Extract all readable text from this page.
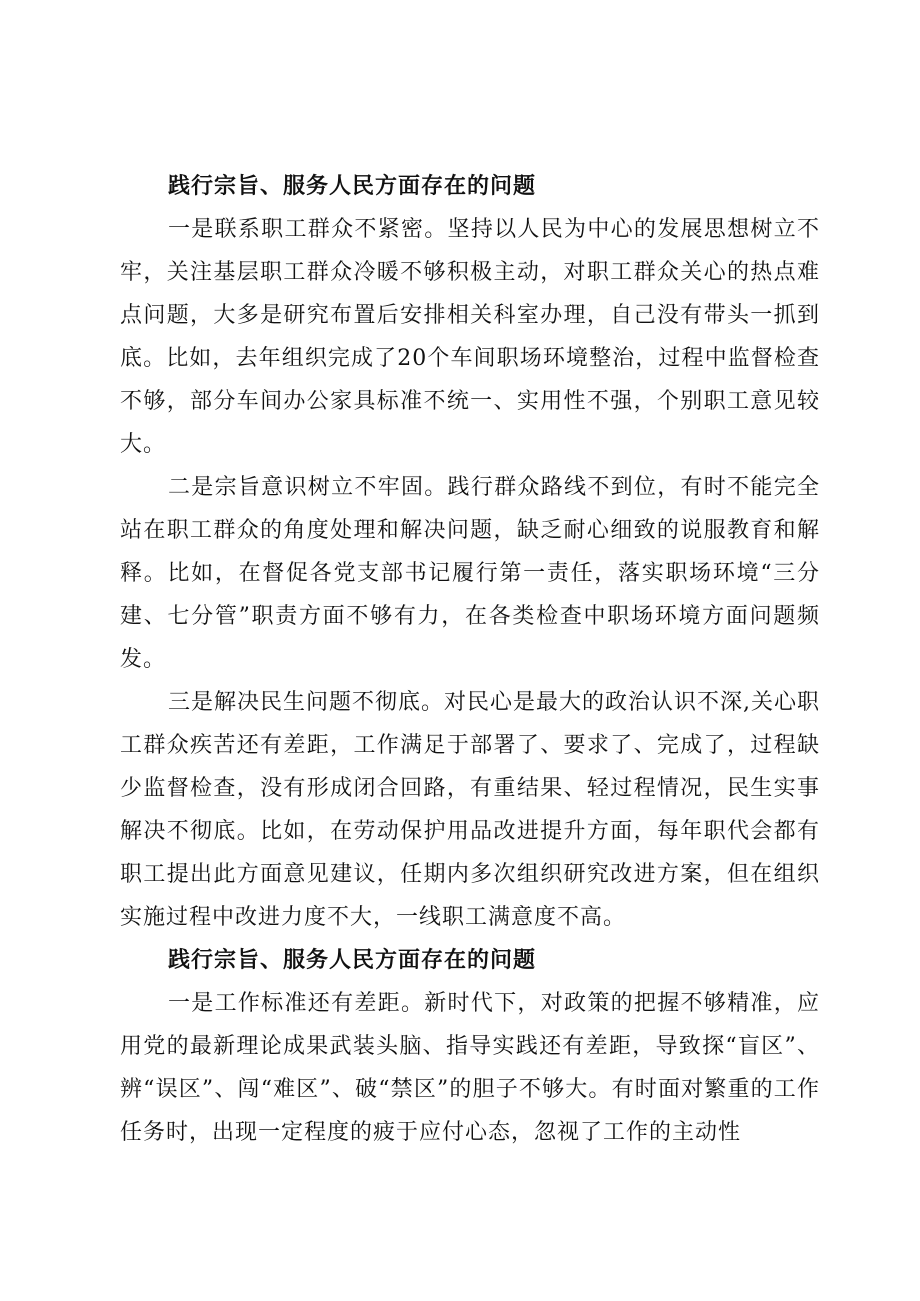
践行宗旨、服务人民方面存在的问题

一是联系职工群众不紧密。坚持以人民为中心的发展思想树立不牢，关注基层职工群众冷暖不够积极主动，对职工群众关心的热点难点问题，大多是研究布置后安排相关科室办理，自己没有带头一抓到底。比如，去年组织完成了20个车间职场环境整治，过程中监督检查不够，部分车间办公家具标准不统一、实用性不强，个别职工意见较大。

二是宗旨意识树立不牢固。践行群众路线不到位，有时不能完全站在职工群众的角度处理和解决问题，缺乏耐心细致的说服教育和解释。比如，在督促各党支部书记履行第一责任，落实职场环境“三分建、七分管”职责方面不够有力，在各类检查中职场环境方面问题频发。

三是解决民生问题不彻底。对民心是最大的政治认识不深,关心职工群众疾苦还有差距，工作满足于部署了、要求了、完成了，过程缺少监督检查，没有形成闭合回路，有重结果、轻过程情况，民生实事解决不彻底。比如，在劳动保护用品改进提升方面，每年职代会都有职工提出此方面意见建议，任期内多次组织研究改进方案，但在组织实施过程中改进力度不大，一线职工满意度不高。

践行宗旨、服务人民方面存在的问题

一是工作标准还有差距。新时代下，对政策的把握不够精准，应用党的最新理论成果武装头脑、指导实践还有差距，导致探“盲区”、辨“误区”、闯“难区”、破“禁区”的胆子不够大。有时面对繁重的工作任务时，出现一定程度的疲于应付心态，忽视了工作的主动性
